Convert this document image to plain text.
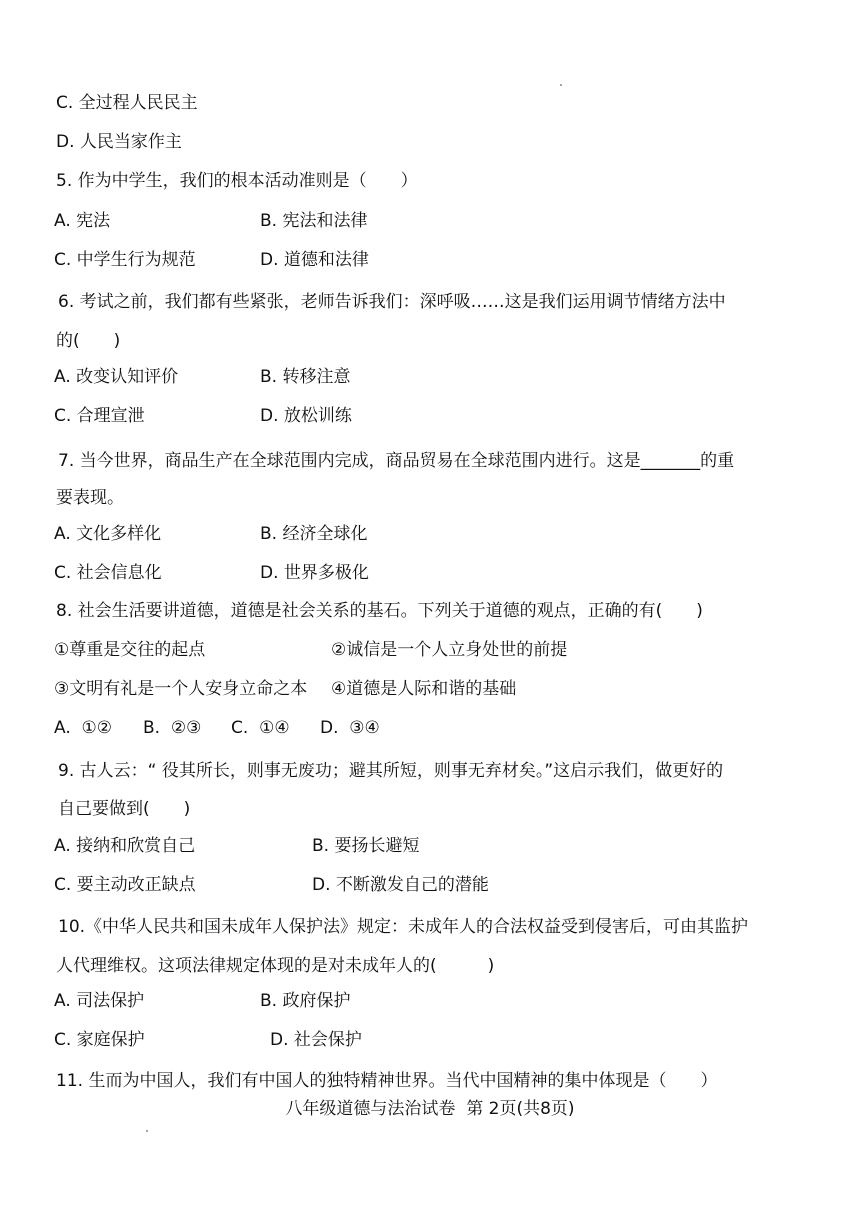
C. 全过程人民民主
D. 人民当家作主
5. 作为中学生，我们的根本活动准则是（　　）
A. 宪法	B. 宪法和法律
C. 中学生行为规范	D. 道德和法律
6. 考试之前，我们都有些紧张，老师告诉我们：深呼吸……这是我们运用调节情绪方法中
的(　　)
A. 改变认知评价	B. 转移注意
C. 合理宣泄	D. 放松训练
7. 当今世界，商品生产在全球范围内完成，商品贸易在全球范围内进行。这是_______的重
要表现。
A. 文化多样化	B. 经济全球化
C. 社会信息化	D. 世界多极化
8. 社会生活要讲道德，道德是社会关系的基石。下列关于道德的观点，正确的有(　　)
①尊重是交往的起点	②诚信是一个人立身处世的前提
③文明有礼是一个人安身立命之本 ④道德是人际和谐的基础
A.  ①② B.  ②③ C.  ①④ D.  ③④
9. 古人云：“ 役其所长，则事无废功；避其所短，则事无弃材矣。”这启示我们，做更好的
自己要做到(　　)
A. 接纳和欣赏自己	B. 要扬长避短
C. 要主动改正缺点	D. 不断激发自己的潜能
10.《中华人民共和国未成年人保护法》规定：未成年人的合法权益受到侵害后，可由其监护
人代理维权。这项法律规定体现的是对未成年人的(　　　)
A. 司法保护	B. 政府保护
C. 家庭保护	D. 社会保护
11. 生而为中国人，我们有中国人的独特精神世界。当代中国精神的集中体现是（　　）
八年级道德与法治试卷  第 2页(共8页)
